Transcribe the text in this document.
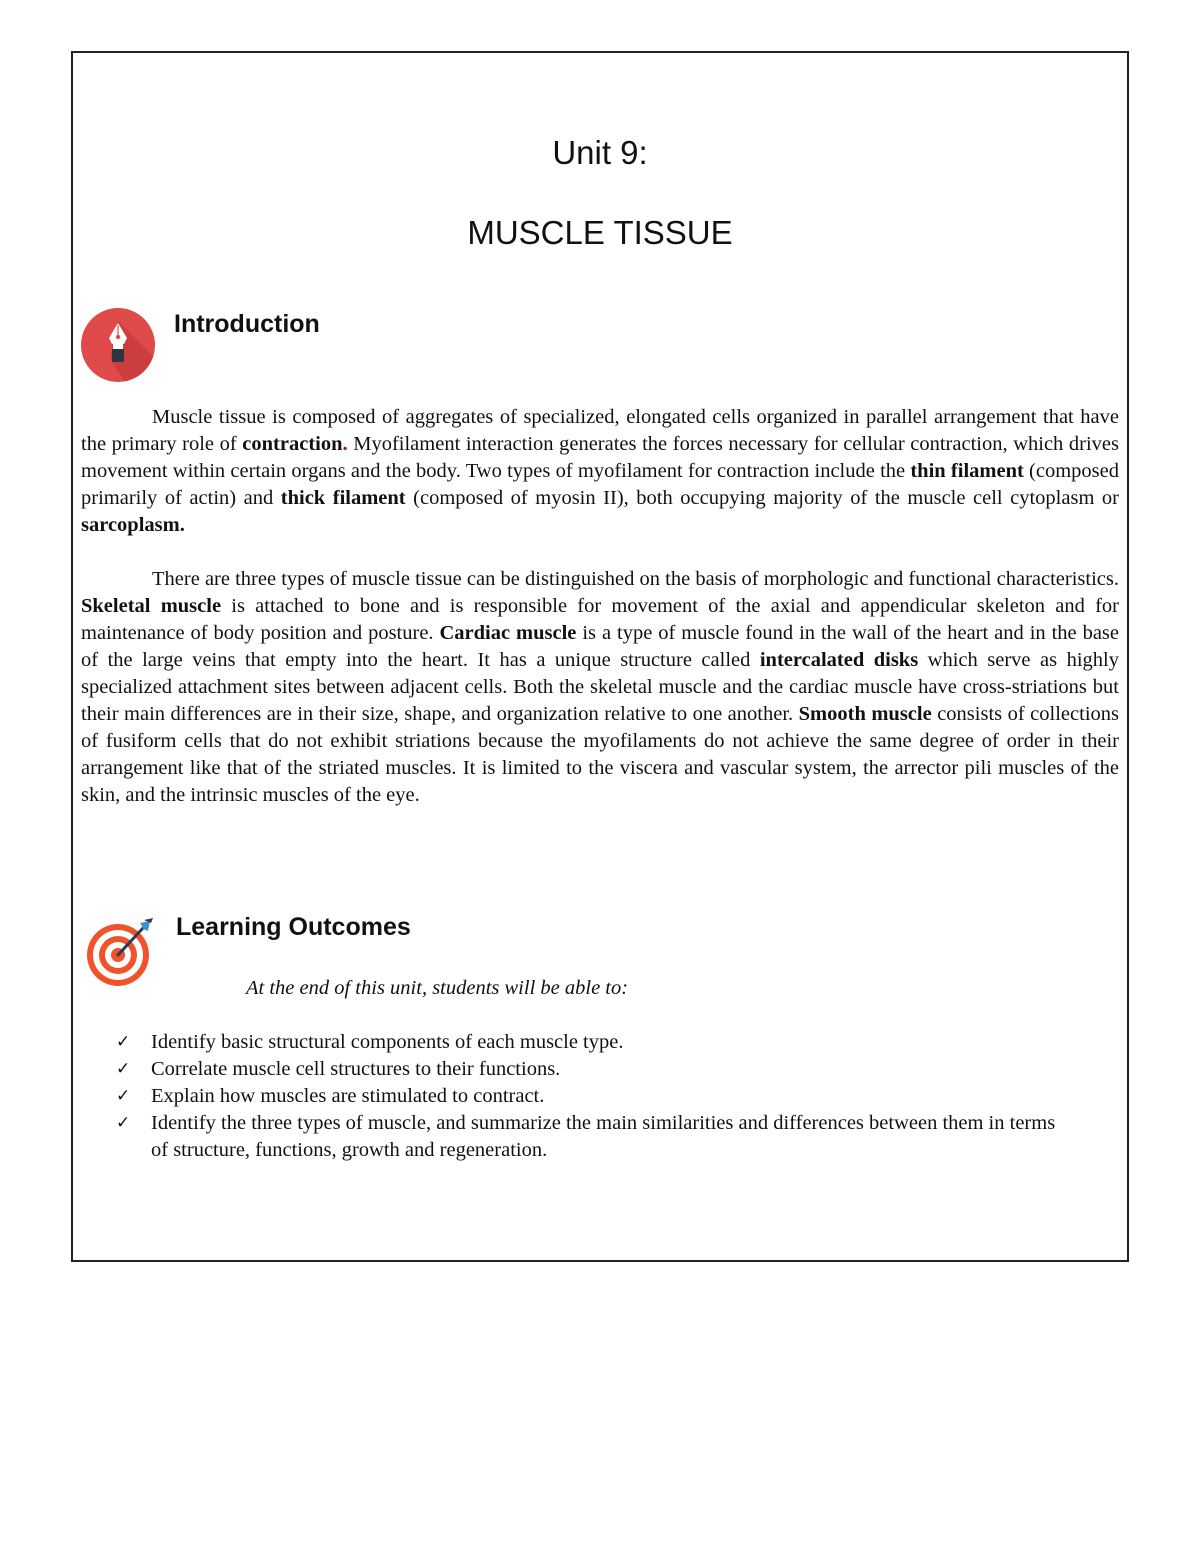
Unit 9:
MUSCLE TISSUE
Introduction

Muscle tissue is composed of aggregates of specialized, elongated cells organized in parallel arrangement that have the primary role of contraction. Myofilament interaction generates the forces necessary for cellular contraction, which drives movement within certain organs and the body. Two types of myofilament for contraction include the thin filament (composed primarily of actin) and thick filament (composed of myosin II), both occupying majority of the muscle cell cytoplasm or sarcoplasm.

There are three types of muscle tissue can be distinguished on the basis of morphologic and functional characteristics. Skeletal muscle is attached to bone and is responsible for movement of the axial and appendicular skeleton and for maintenance of body position and posture. Cardiac muscle is a type of muscle found in the wall of the heart and in the base of the large veins that empty into the heart. It has a unique structure called intercalated disks which serve as highly specialized attachment sites between adjacent cells. Both the skeletal muscle and the cardiac muscle have cross-striations but their main differences are in their size, shape, and organization relative to one another. Smooth muscle consists of collections of fusiform cells that do not exhibit striations because the myofilaments do not achieve the same degree of order in their arrangement like that of the striated muscles. It is limited to the viscera and vascular system, the arrector pili muscles of the skin, and the intrinsic muscles of the eye.

Learning Outcomes
At the end of this unit, students will be able to:
✓ Identify basic structural components of each muscle type.
✓ Correlate muscle cell structures to their functions.
✓ Explain how muscles are stimulated to contract.
✓ Identify the three types of muscle, and summarize the main similarities and differences between them in terms of structure, functions, growth and regeneration.
